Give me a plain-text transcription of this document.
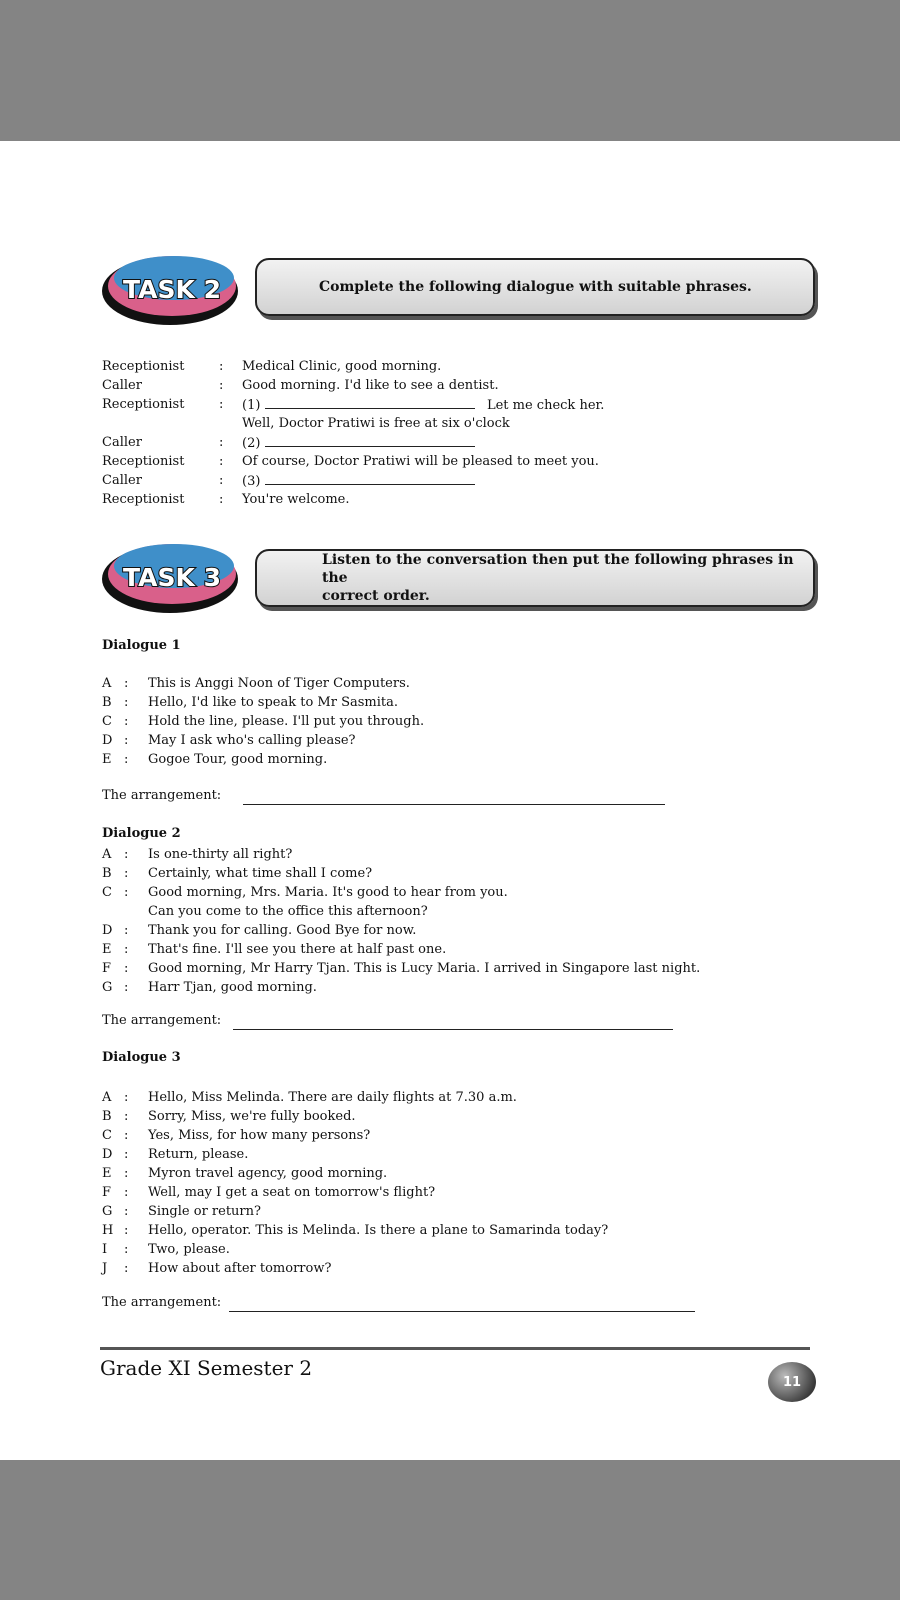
TASK 2	Complete the following dialogue with suitable phrases.
Receptionist	: Medical Clinic, good morning.
Caller	: Good morning. I'd like to see a dentist.
Receptionist	: (1)	Let me check her.
Well, Doctor Pratiwi is free at six o'clock
Caller	: (2)
Receptionist	: Of course, Doctor Pratiwi will be pleased to meet you.
Caller	: (3)
Receptionist	: You're welcome.
TASK 3
Listen to the conversation then put the following phrases in the
correct order.
Dialogue 1
A : This is Anggi Noon of Tiger Computers.
B : Hello, I'd like to speak to Mr Sasmita.
C : Hold the line, please. I'll put you through.
D : May I ask who's calling please?
E : Gogoe Tour, good morning.
The arrangement:
Dialogue 2
A : Is one-thirty all right?
B : Certainly, what time shall I come?
C : Good morning, Mrs. Maria. It's good to hear from you.
Can you come to the office this afternoon?
D : Thank you for calling. Good Bye for now.
E : That's fine. I'll see you there at half past one.
F : Good morning, Mr Harry Tjan. This is Lucy Maria. I arrived in Singapore last night.
G : Harr Tjan, good morning.
The arrangement:
Dialogue 3
A : Hello, Miss Melinda. There are daily flights at 7.30 a.m.
B : Sorry, Miss, we're fully booked.
C : Yes, Miss, for how many persons?
D : Return, please.
E : Myron travel agency, good morning.
F : Well, may I get a seat on tomorrow's flight?
G : Single or return?
H : Hello, operator. This is Melinda. Is there a plane to Samarinda today?
I	: Two, please.
J	: How about after tomorrow?
The arrangement:
Grade XI Semester 2
11
